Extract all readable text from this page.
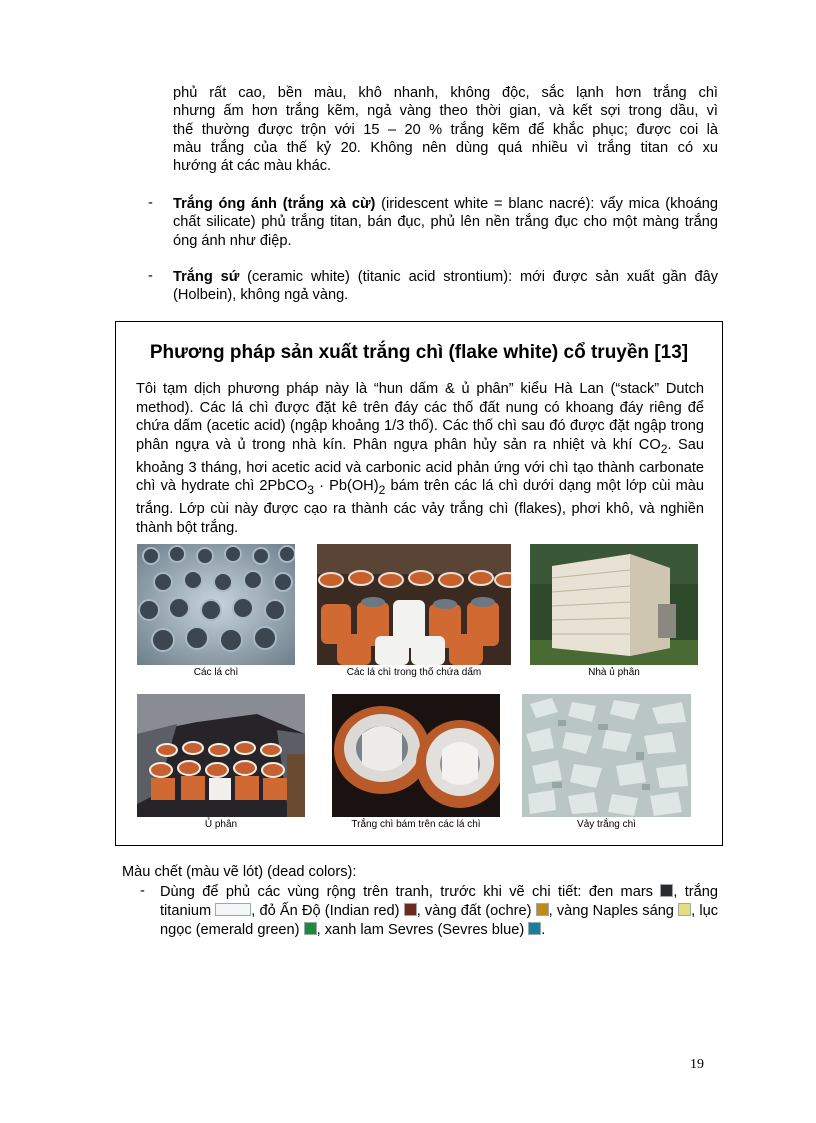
phủ rất cao, bền màu, khô nhanh, không độc, sắc lạnh hơn trắng chì
nhưng ấm hơn trắng kẽm, ngả vàng theo thời gian, và kết sợi trong dầu, vì
thế thường được trộn với 15 – 20 % trắng kẽm để khắc phục; được coi là
màu trắng của thế kỷ 20. Không nên dùng quá nhiều vì trắng titan có xu
hướng át các màu khác.
- Trắng óng ánh (trắng xà cừ) (iridescent white = blanc nacré): vẩy mica (khoáng chất silicate) phủ trắng titan, bán đục, phủ lên nền trắng đục cho một màng trắng óng ánh như điệp.
- Trắng sứ (ceramic white) (titanic acid strontium): mới được sản xuất gần đây (Holbein), không ngả vàng.
Phương pháp sản xuất trắng chì (flake white) cổ truyền [13]
Tôi tạm dịch phương pháp này là “hun dấm & ủ phân” kiểu Hà Lan (“stack” Dutch method). Các lá chì được đặt kê trên đáy các thố đất nung có khoang đáy riêng để chứa dấm (acetic acid) (ngập khoảng 1/3 thố). Các thố chì sau đó được đặt ngập trong phân ngựa và ủ trong nhà kín. Phân ngựa phân hủy sản ra nhiệt và khí $CO_2$. Sau khoảng 3 tháng, hơi acetic acid và carbonic acid phản ứng với chì tạo thành carbonate chì và hydrate chì 2PbCO$_3$ · $Pb(OH)_2$ bám trên các lá chì dưới dạng một lớp cùi màu trắng. Lớp cùi này được cạo ra thành các vảy trắng chì (flakes), phơi khô, và nghiền thành bột trắng.
Các lá chì	Các lá chì trong thố chứa dấm	Nhà ủ phân
Ủ phân	Trắng chì bám trên các lá chì	Vảy trắng chì
Màu chết (màu vẽ lót) (dead colors):
- Dùng để phủ các vùng rộng trên tranh, trước khi vẽ chi tiết: đen mars , trắng titanium , đỏ Ấn Độ (Indian red) , vàng đất (ochre) , vàng Naples sáng , lục ngọc (emerald green) , xanh lam Sevres (Sevres blue) .
19
